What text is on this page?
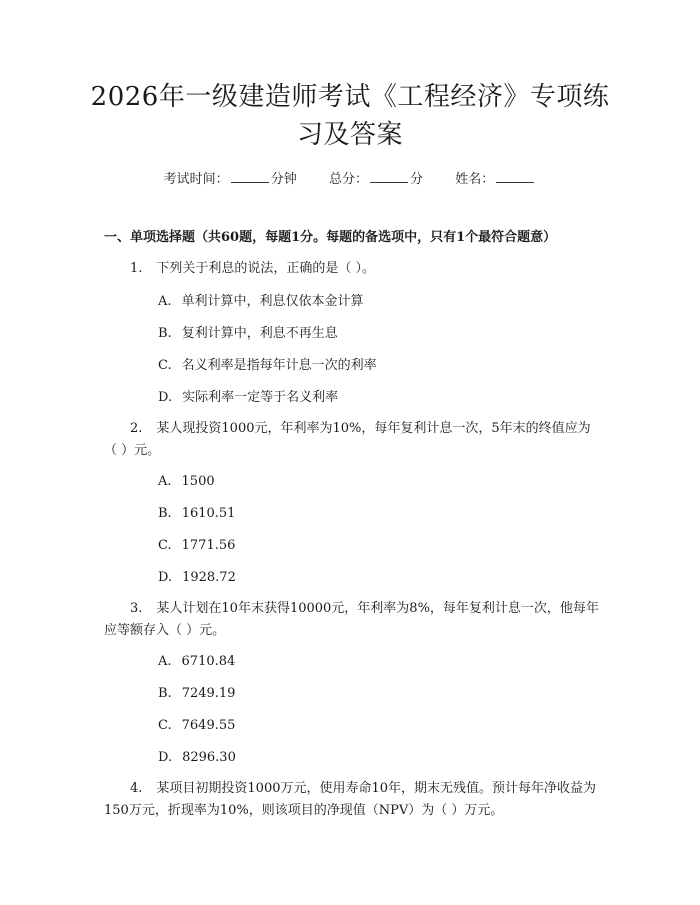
2026年一级建造师考试《工程经济》专项练习及答案
考试时间：	分钟 总分：	分 姓名：
一、单项选择题（共60题，每题1分。每题的备选项中，只有1个最符合题意）

1. 下列关于利息的说法，正确的是（ ）。

A. 单利计算中，利息仅依本金计算
B. 复利计算中，利息不再生息
C. 名义利率是指每年计息一次的利率
D. 实际利率一定等于名义利率

2. 某人现投资1000元，年利率为10%，每年复利计息一次，5年末的终值应为（ ）元。

A. 1500
B. 1610.51
C. 1771.56
D. 1928.72

3. 某人计划在10年末获得10000元，年利率为8%，每年复利计息一次，他每年应等额存入（ ）元。

A. 6710.84
B. 7249.19
C. 7649.55
D. 8296.30

4. 某项目初期投资1000万元，使用寿命10年，期末无残值。预计每年净收益为150万元，折现率为10%，则该项目的净现值（NPV）为（ ）万元。
